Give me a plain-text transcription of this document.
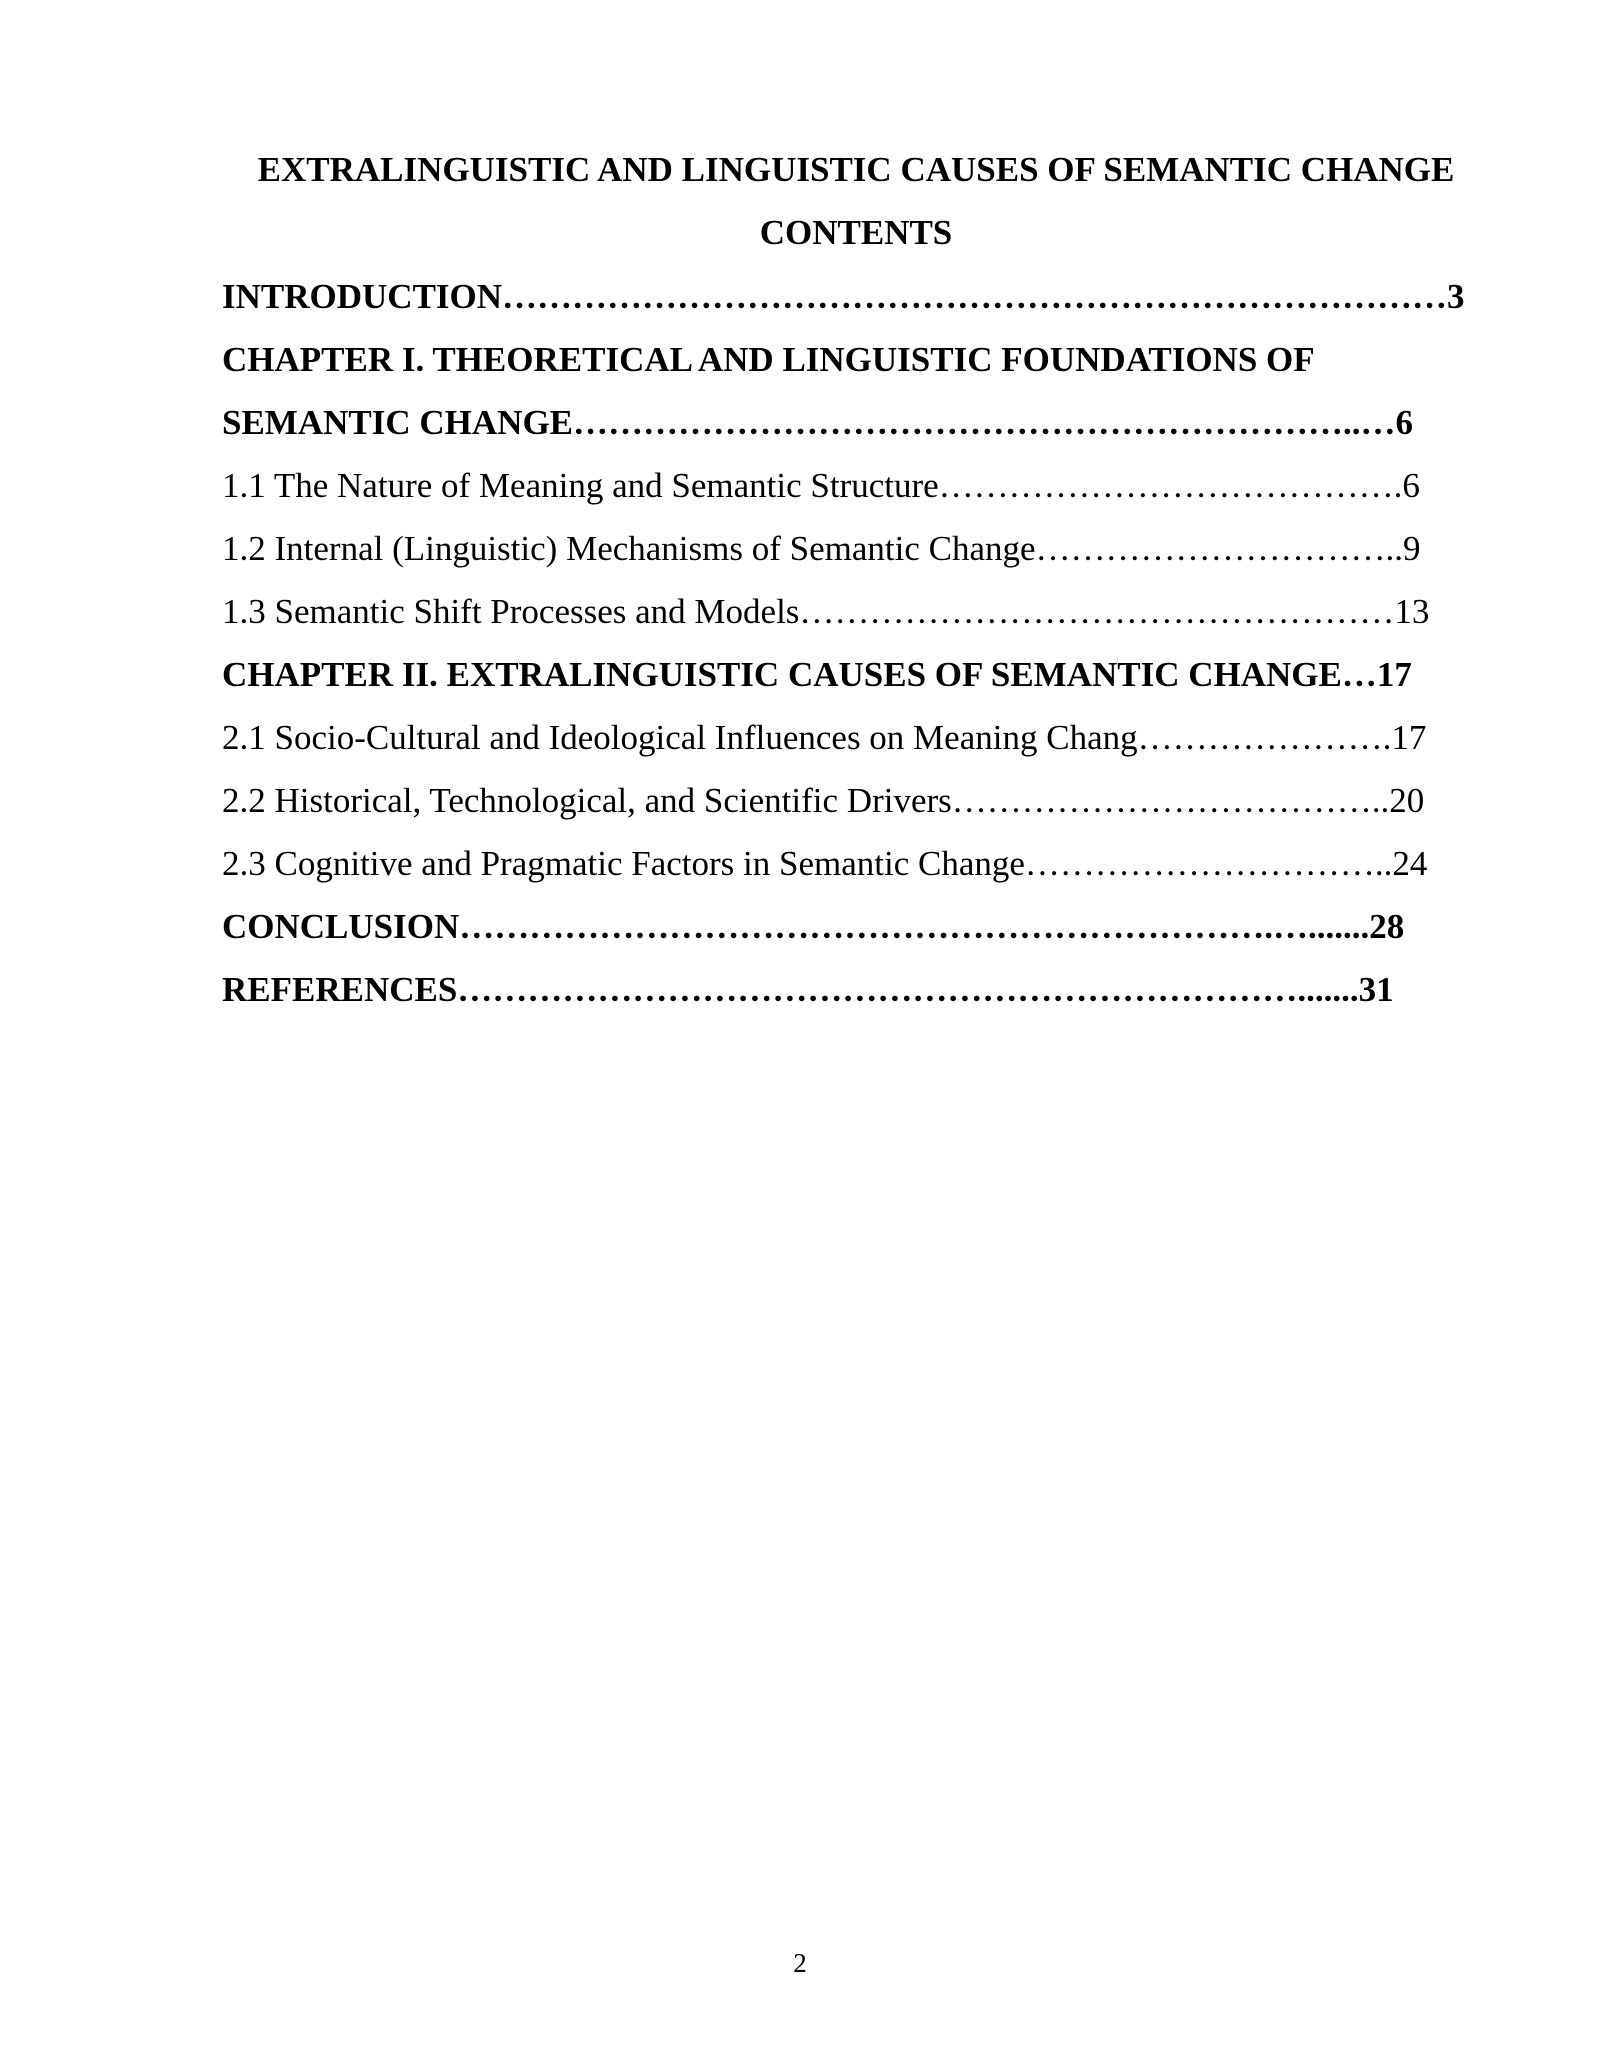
EXTRALINGUISTIC AND LINGUISTIC CAUSES OF SEMANTIC CHANGE
CONTENTS
INTRODUCTION………………………………………………………………………3
CHAPTER I. THEORETICAL AND LINGUISTIC FOUNDATIONS OF
SEMANTIC CHANGE…………………………………………………………..…6
1.1 The Nature of Meaning and Semantic Structure………………………………….6
1.2 Internal (Linguistic) Mechanisms of Semantic Change…………………………..9
1.3 Semantic Shift Processes and Models……………………………………………13
CHAPTER II. EXTRALINGUISTIC CAUSES OF SEMANTIC CHANGE…17
2.1 Socio-Cultural and Ideological Influences on Meaning Chang………………….17
2.2 Historical, Technological, and Scientific Drivers………………………………..20
2.3 Cognitive and Pragmatic Factors in Semantic Change…………………………..24
CONCLUSION…………………………………………………………….….......28
REFERENCES……………………………………………………………….......31
2
